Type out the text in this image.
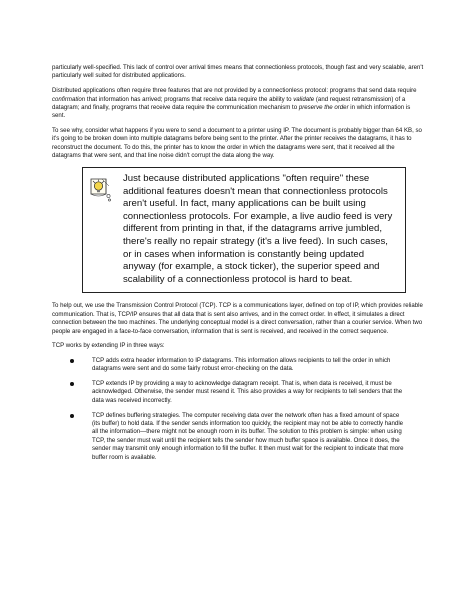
particularly well-specified. This lack of control over arrival times means that connectionless protocols, though fast and very scalable, aren't particularly well suited for distributed applications.

Distributed applications often require three features that are not provided by a connectionless protocol: programs that send data require confirmation that information has arrived; programs that receive data require the ability to validate (and request retransmission) of a datagram; and finally, programs that receive data require the communication mechanism to preserve the order in which information is sent.

To see why, consider what happens if you were to send a document to a printer using IP. The document is probably bigger than 64 KB, so it's going to be broken down into multiple datagrams before being sent to the printer. After the printer receives the datagrams, it has to reconstruct the document. To do this, the printer has to know the order in which the datagrams were sent, that it received all the datagrams that were sent, and that line noise didn't corrupt the data along the way.

Just because distributed applications "often require" these additional features doesn't mean that connectionless protocols aren't useful. In fact, many applications can be built using connectionless protocols. For example, a live audio feed is very different from printing in that, if the datagrams arrive jumbled, there's really no repair strategy (it's a live feed). In such cases, or in cases when information is constantly being updated anyway (for example, a stock ticker), the superior speed and scalability of a connectionless protocol is hard to beat.

To help out, we use the Transmission Control Protocol (TCP). TCP is a communications layer, defined on top of IP, which provides reliable communication. That is, TCP/IP ensures that all data that is sent also arrives, and in the correct order. In effect, it simulates a direct connection between the two machines. The underlying conceptual model is a direct conversation, rather than a courier service. When two people are engaged in a face-to-face conversation, information that is sent is received, and received in the correct sequence.

TCP works by extending IP in three ways:

TCP adds extra header information to IP datagrams. This information allows recipients to tell the order in which datagrams were sent and do some fairly robust error-checking on the data.
TCP extends IP by providing a way to acknowledge datagram receipt. That is, when data is received, it must be acknowledged. Otherwise, the sender must resend it. This also provides a way for recipients to tell senders that the data was received incorrectly.
TCP defines buffering strategies. The computer receiving data over the network often has a fixed amount of space (its buffer) to hold data. If the sender sends information too quickly, the recipient may not be able to correctly handle all the information—there might not be enough room in its buffer. The solution to this problem is simple: when using TCP, the sender must wait until the recipient tells the sender how much buffer space is available. Once it does, the sender may transmit only enough information to fill the buffer. It then must wait for the recipient to indicate that more buffer room is available.
